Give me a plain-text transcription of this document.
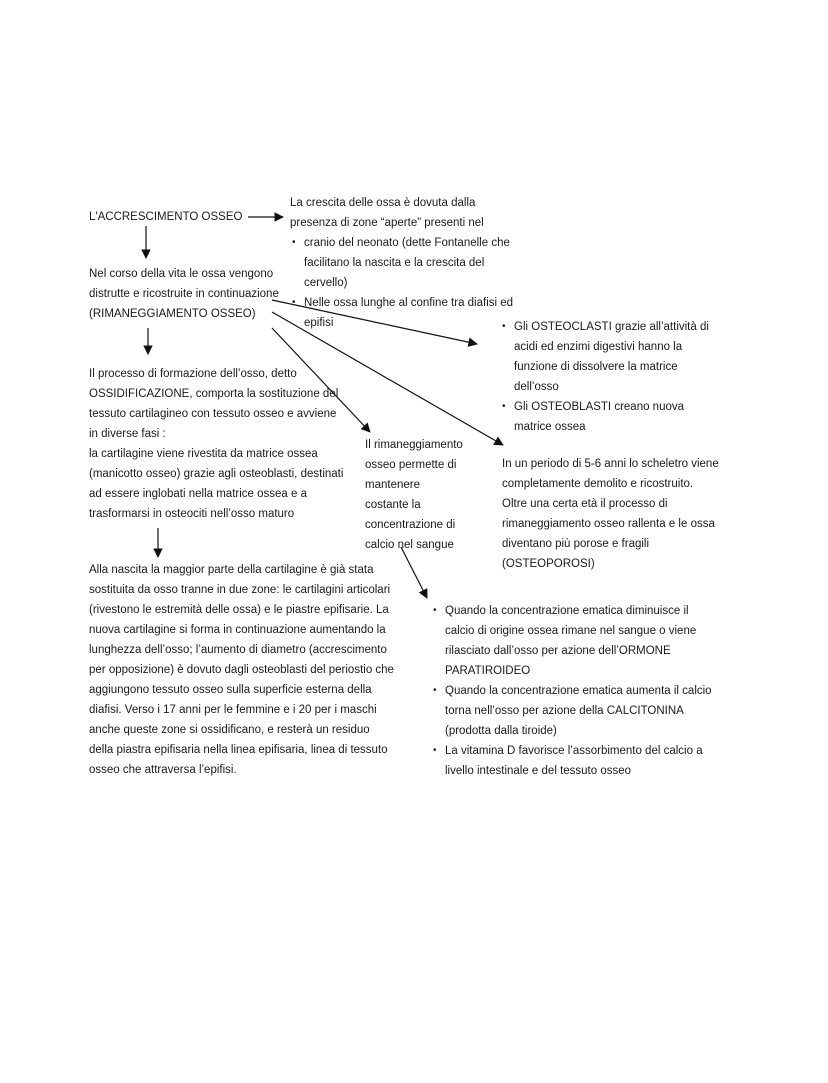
L'ACCRESCIMENTO OSSEO

La crescita delle ossa è dovuta dalla presenza di zone “aperte” presenti nel

• cranio del neonato (dette Fontanelle che facilitano la nascita e la crescita del cervello)
• Nelle ossa lunghe al confine tra diafisi ed epifisi

Nel corso della vita le ossa vengono

distrutte e ricostruite in continuazione

(RIMANEGGIAMENTO OSSEO)

• Gli OSTEOCLASTI grazie all’attività di acidi ed enzimi digestivi hanno la funzione di dissolvere la matrice dell’osso
• Gli OSTEOBLASTI creano nuova matrice ossea

Il processo di formazione dell’osso, detto OSSIDIFICAZIONE, comporta la sostituzione del tessuto cartilagineo con tessuto osseo e avviene in diverse fasi :

la cartilagine viene rivestita da matrice ossea (manicotto osseo) grazie agli osteoblasti, destinati ad essere inglobati nella matrice ossea e a trasformarsi in osteociti nell’osso maturo

Il rimaneggiamento osseo permette di mantenere costante la concentrazione di calcio nel sangue

In un periodo di 5-6 anni lo scheletro viene completamente demolito e ricostruito.

Oltre una certa età il processo di rimaneggiamento osseo rallenta e le ossa diventano più porose e fragili (OSTEOPOROSI)

Alla nascita la maggior parte della cartilagine è già stata sostituita da osso tranne in due zone: le cartilagini articolari (rivestono le estremità delle ossa) e le piastre epifisarie. La nuova cartilagine si forma in continuazione aumentando la lunghezza dell’osso; l’aumento di diametro (accrescimento per opposizione) è dovuto dagli osteoblasti del periostio che aggiungono tessuto osseo sulla superficie esterna della diafisi. Verso i 17 anni per le femmine e i 20 per i maschi anche queste zone si ossidificano, e resterà un residuo della piastra epifisaria nella linea epifisaria, linea di tessuto osseo che attraversa l’epifisi.

• Quando la concentrazione ematica diminuisce il calcio di origine ossea rimane nel sangue o viene rilasciato dall’osso per azione dell’ORMONE PARATIROIDEO
• Quando la concentrazione ematica aumenta il calcio torna nell’osso per azione della CALCITONINA (prodotta dalla tiroide)
• La vitamina D favorisce l’assorbimento del calcio a livello intestinale e del tessuto osseo
